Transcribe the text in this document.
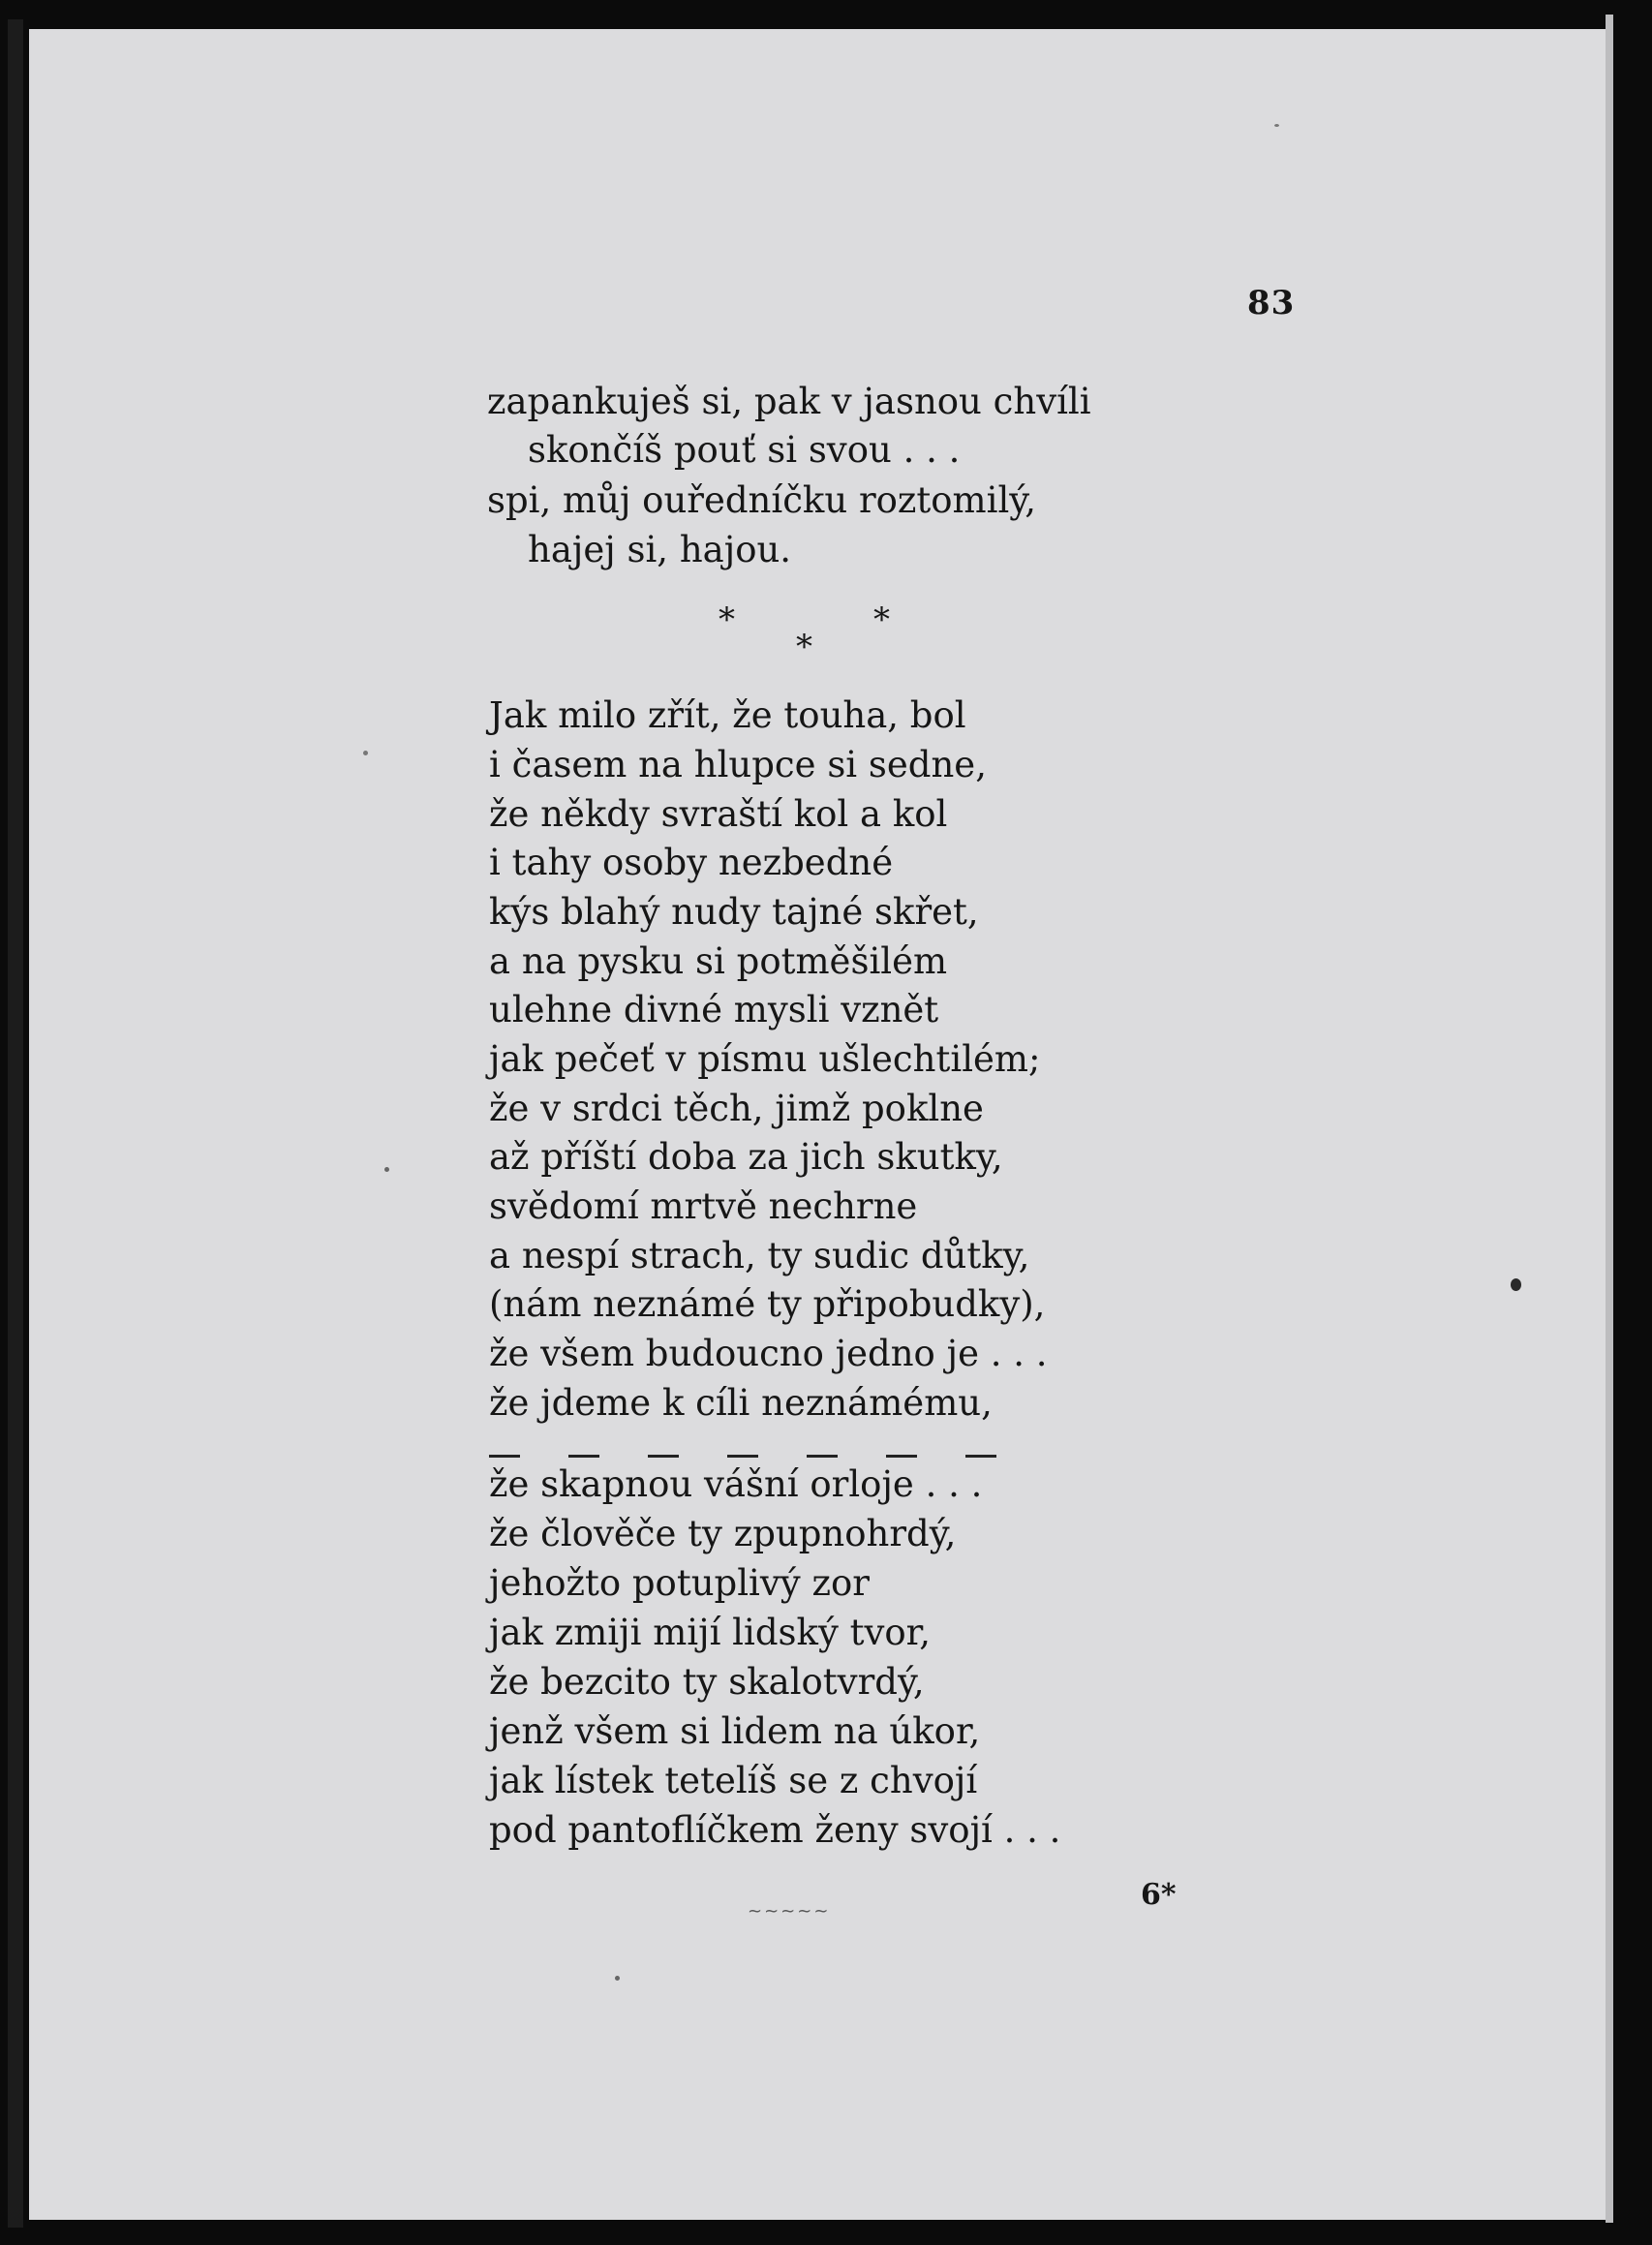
83
zapankuješ si, pak v jasnou chvíli
skončíš pouť si svou . . .
spi, můj ouředníčku roztomilý,
hajej si, hajou.
*
*
*
Jak milo zřít, že touha, bol
i časem na hlupce si sedne,
že někdy svraští kol a kol
i tahy osoby nezbedné
kýs blahý nudy tajné skřet,
a na pysku si potměšilém
ulehne divné mysli vznět
jak pečeť v písmu ušlechtilém;
že v srdci těch, jimž poklne
až příští doba za jich skutky,
svědomí mrtvě nechrne
a nespí strach, ty sudic důtky,
(nám neznámé ty připobudky),
že všem budoucno jedno je . . .
že jdeme k cíli neznámému,
že skapnou vášní orloje . . .
že člověče ty zpupnohrdý,
jehožto potuplivý zor
jak zmiji mijí lidský tvor,
že bezcito ty skalotvrdý,
jenž všem si lidem na úkor,
jak lístek tetelíš se z chvojí
pod pantoflíčkem ženy svojí . . .
~~~~~	6*
